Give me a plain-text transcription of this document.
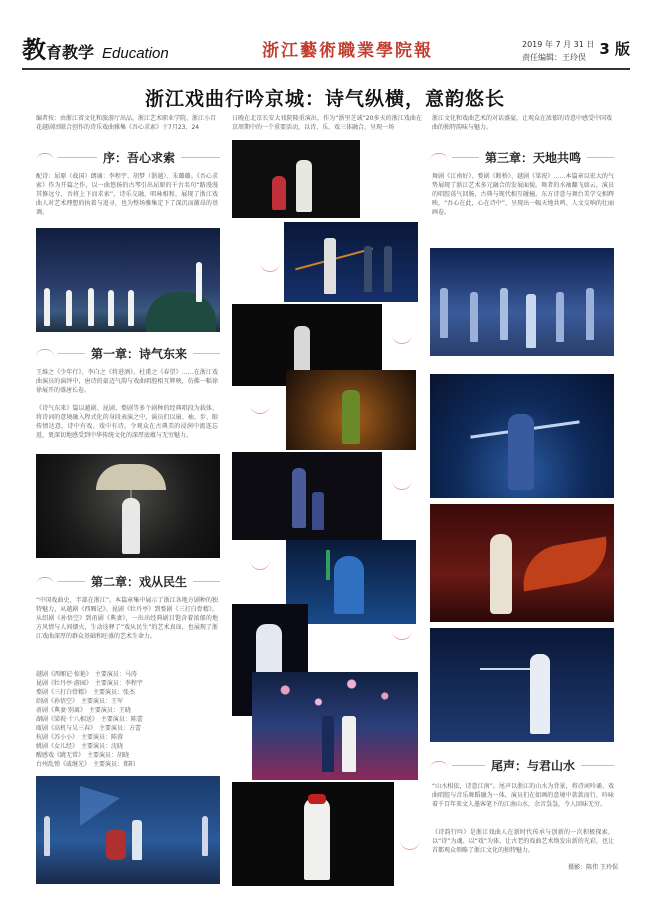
教育教学 Education	浙江藝術職業學院報	2019 年 7 月 31 日
责任编辑：王玲俣 3 版
浙江戏曲行吟京城：诗气纵横，意韵悠长
编者按：由浙江省文化和旅游厅出品，浙江艺术职业学院、浙江小百花越剧团联合创作的诗乐戏曲雅集《吾心求索》于7月23、24
日晚在北京长安大戏院隆重演出，作为“浙里芝诚”20多天的浙江戏曲在京周期中的一个重要活动，以诗、乐、戏三体融合，呈现一场
浙江文化和戏曲艺术的对话盛宴，让观众在浓郁的诗意中感受中国戏曲的独特韵味与魅力。
序：吾心求索
配诗：屈原（战国）朗诵：李程宇、胡梦（浙越）、朱璐璐。《吾心求索》作为开篇之作，以一曲悠扬的古琴引出屈原的千古名句“路漫漫其修远兮，吾将上下而求索”，诗乐交融、唱咏相和，展现了浙江戏曲人对艺术理想的执着与追寻，也为整场雅集定下了深沉而激昂的基调。
第一章：诗气东来
王维之《少年行》、李白之《将进酒》、杜甫之《春望》……在浙江戏曲演员的演绎中，唐诗的豪迈气韵与戏曲唱腔相互辉映，仿佛一幅徐徐展开的盛唐长卷。
《诗气东来》篇以越剧、昆剧、婺剧等多个剧种的经典唱段为载体，将诗词的意境融入程式化的身段表演之中，演员们以扇、袖、步、眼传情达意，诗中有戏、戏中有诗，令观众在古典美的浸润中流连忘返，更深切地感受到中华传统文化的深厚底蕴与无穷魅力。
第二章：戏从民生
“中国戏曲史，半部在浙江”。本篇章集中展示了浙江各地方剧种的独特魅力，从越剧《西厢记》、昆剧《牡丹亭》到婺剧《三打白骨精》，从绍剧《孙悟空》到甬剧《典妻》，一出出经典剧目饱含着浓郁的地方风情与人间烟火，生动诠释了“戏从民生”的艺术真谛，也展现了浙江戏曲深厚的群众基础和旺盛的艺术生命力。
越剧《西厢记·惊艳》　主要演员：马涛
昆剧《牡丹亭·游园》　主要演员：李程宇
婺剧《三打白骨精》　主要演员：张杰
绍剧《孙悟空》　主要演员：王军
甬剧《典妻·别离》　主要演员：王晓
湖剧《梁祝·十八相送》　主要演员：陈蕾
瓯剧《高机与吴三春》　主要演员：方蕾
杭剧《苏小小》　主要演员：陈蓉
姚剧《女儿经》　主要演员：沈晓
醒感戏《跳无常》　主要演员：胡晓
台州乱弹《戚继光》　主要演员：郑阳
第三章：天地共鸣
舞剧《江南好》、婺剧《断桥》、越剧《梁祝》……本篇章以宏大的气势展现了浙江艺术多元融合的发展面貌。舞者的水袖翻飞如云，演员的唱腔荡气回肠，古典与现代相互碰撞，东方诗意与舞台美学交相辉映，“吾心在此，心在诗中”，呈现出一幅天地共鸣、人文交响的壮丽画卷。
尾声：与君山水
“山水相依，诗意江南”。尾声以浙江的山水为背景，将诗词吟诵、戏曲唱腔与音乐舞蹈融为一体，演员们在如画的意境中款款而行，吟咏着千百年来文人墨客笔下的江南山水，余音袅袅，令人回味无穷。
《诗韵行吟》是浙江戏曲人在新时代传承与创新的一次积极探索，以“诗”为魂、以“戏”为体，让古老的戏曲艺术焕发出新的光彩，也让首都观众领略了浙江文化的独特魅力。
摄影：陈伟 王玲俣
